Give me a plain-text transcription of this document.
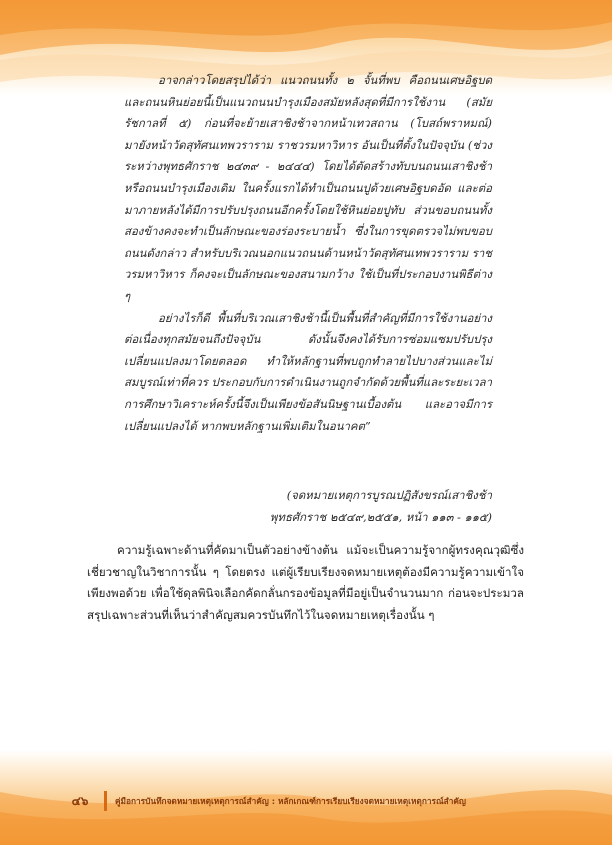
อาจกล่าวโดยสรุปได้ว่า แนวถนนทั้ง ๒ จั้นที่พบ คือถนนเศษอิฐบด และถนนหินย่อยนี้เป็นแนวถนนบำรุงเมืองสมัยหลังสุดที่มีการใช้งาน (สมัยรัชกาลที่ ๕) ก่อนที่จะย้ายเสาชิงช้าจากหน้าเทวสถาน (โบสถ์พราหมณ์) มายังหน้าวัดสุทัศนเทพวราราม ราชวรมหาวิหาร อันเป็นที่ตั้งในปัจจุบัน (ช่วงระหว่างพุทธศักราช ๒๔๓๙ - ๒๔๔๔) โดยได้ตัดสร้างทับบนถนนเสาชิงช้า หรือถนนบำรุงเมืองเดิม ในครั้งแรกได้ทำเป็นถนนปูด้วยเศษอิฐบดอัด และต่อมาภายหลังได้มีการปรับปรุงถนนอีกครั้งโดยใช้หินย่อยปูทับ ส่วนขอบถนนทั้งสองข้างคงจะทำเป็นลักษณะของร่องระบายน้ำ ซึ่งในการขุดตรวจไม่พบขอบถนนดังกล่าว สำหรับบริเวณนอกแนวถนนด้านหน้าวัดสุทัศนเทพวราราม ราชวรมหาวิหาร ก็คงจะเป็นลักษณะของสนามกว้าง ใช้เป็นที่ประกอบงานพิธีต่าง ๆ

อย่างไรก็ดี พื้นที่บริเวณเสาชิงช้านี้เป็นพื้นที่สำคัญที่มีการใช้งานอย่างต่อเนื่องทุกสมัยจนถึงปัจจุบัน ดังนั้นจึงคงได้รับการซ่อมแซมปรับปรุงเปลี่ยนแปลงมาโดยตลอด ทำให้หลักฐานที่พบถูกทำลายไปบางส่วนและไม่สมบูรณ์เท่าที่ควร ประกอบกับการดำเนินงานถูกจำกัดด้วยพื้นที่และระยะเวลา การศึกษาวิเคราะห์ครั้งนี้จึงเป็นเพียงข้อสันนิษฐานเบื้องต้น และอาจมีการเปลี่ยนแปลงได้ หากพบหลักฐานเพิ่มเติมในอนาคต”

(จดหมายเหตุการบูรณปฏิสังขรณ์เสาชิงช้า
พุทธศักราช ๒๕๔๙,๒๕๕๑, หน้า ๑๑๓ - ๑๑๕)

ความรู้เฉพาะด้านที่คัดมาเป็นตัวอย่างข้างต้น แม้จะเป็นความรู้จากผู้ทรงคุณวุฒิซึ่งเชี่ยวชาญในวิชาการนั้น ๆ โดยตรง แต่ผู้เรียบเรียงจดหมายเหตุต้องมีความรู้ความเข้าใจเพียงพอด้วย เพื่อใช้ดุลพินิจเลือกคัดกลั่นกรองข้อมูลที่มีอยู่เป็นจำนวนมาก ก่อนจะประมวลสรุปเฉพาะส่วนที่เห็นว่าสำคัญสมควรบันทึกไว้ในจดหมายเหตุเรื่องนั้น ๆ

๔๖	คู่มือการบันทึกจดหมายเหตุเหตุการณ์สำคัญ : หลักเกณฑ์การเรียบเรียงจดหมายเหตุเหตุการณ์สำคัญ
